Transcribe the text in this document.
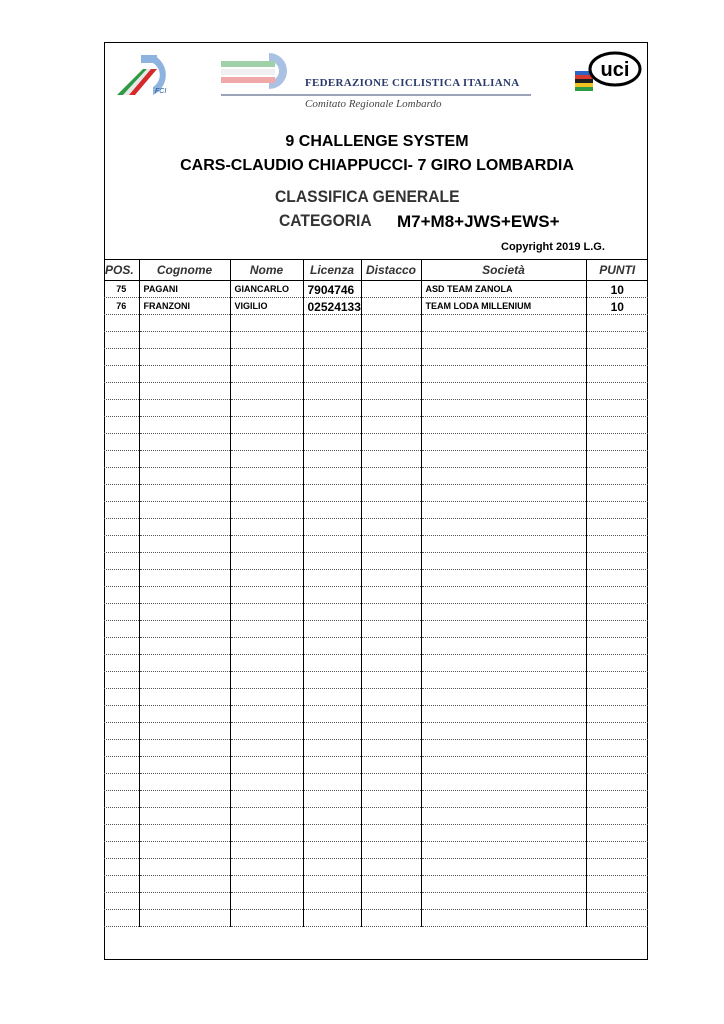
FCI
FEDERAZIONE CICLISTICA ITALIANA
Comitato Regionale Lombardo
uci
9 CHALLENGE SYSTEM
CARS-CLAUDIO CHIAPPUCCI- 7 GIRO LOMBARDIA
CLASSIFICA GENERALE
CATEGORIA M7+M8+JWS+EWS+
Copyright 2019 L.G.
POS.	Cognome	Nome	Licenza	Distacco	Società	PUNTI
75	PAGANI	GIANCARLO	7904746		ASD TEAM ZANOLA	10
76	FRANZONI	VIGILIO	02524133		TEAM LODA MILLENIUM	10
